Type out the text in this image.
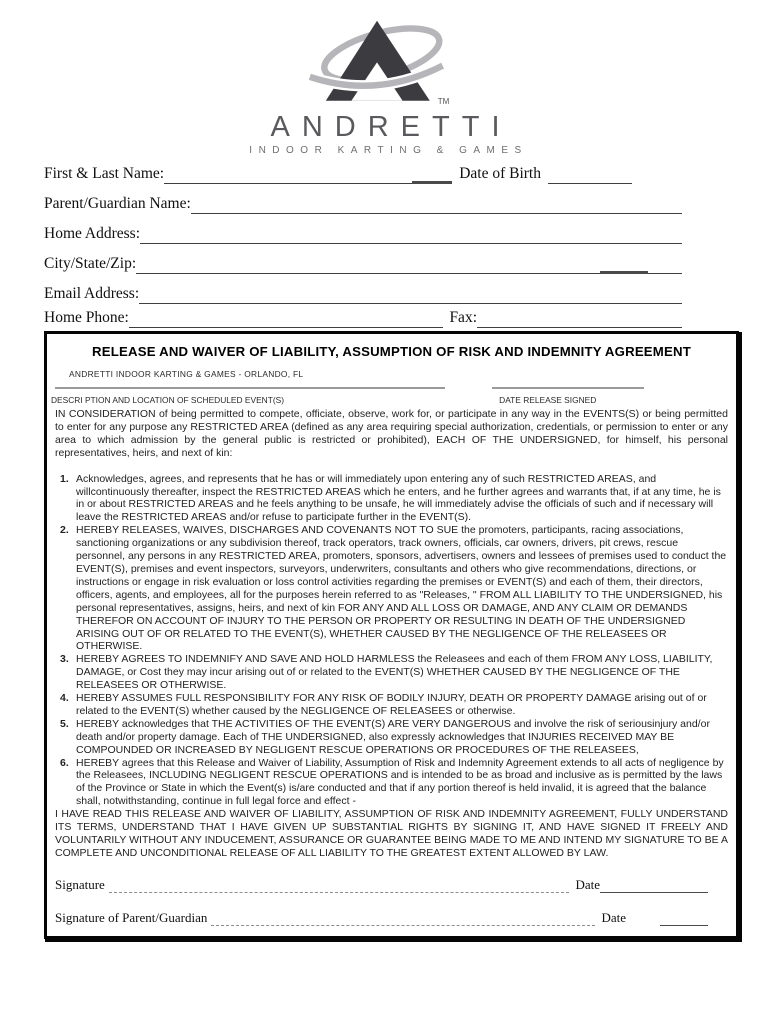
TM
ANDRETTI
INDOOR KARTING & GAMES
First & Last Name:	Date of Birth
Parent/Guardian Name:
Home Address:
City/State/Zip:
Email Address:
Home Phone:	Fax:
RELEASE AND WAIVER OF LIABILITY, ASSUMPTION OF RISK AND INDEMNITY AGREEMENT
ANDRETTI INDOOR KARTING & GAMES - ORLANDO, FL
DESCRI PTION AND LOCATION OF SCHEDULED EVENT(S)	DATE RELEASE SIGNED
IN CONSIDERATION of being permitted to compete, officiate, observe, work for, or participate in any way in the EVENTS(S) or being permitted to enter for any purpose any RESTRICTED AREA (defined as any area requiring special authorization, credentials, or permission to enter or any area to which admission by the general public is restricted or prohibited), EACH OF THE UNDERSIGNED, for himself, his personal representatives, heirs, and next of kin:
1. Acknowledges, agrees, and represents that he has or will immediately upon entering any of such RESTRICTED AREAS, and willcontinuously thereafter, inspect the RESTRICTED AREAS which he enters, and he further agrees and warrants that, if at any time, he is in or about RESTRICTED AREAS and he feels anything to be unsafe, he will immediately advise the officials of such and if necessary will leave the RESTRICTED AREAS and/or refuse to participate further in the EVENT(S).
2. HEREBY RELEASES, WAIVES, DISCHARGES AND COVENANTS NOT TO SUE the promoters, participants, racing associations, sanctioning organizations or any subdivision thereof, track operators, track owners, officials, car owners, drivers, pit crews, rescue personnel, any persons in any RESTRICTED AREA, promoters, sponsors, advertisers, owners and lessees of premises used to conduct the EVENT(S), premises and event inspectors, surveyors, underwriters, consultants and others who give recommendations, directions, or instructions or engage in risk evaluation or loss control activities regarding the premises or EVENT(S) and each of them, their directors, officers, agents, and employees, all for the purposes herein referred to as "Releases, " FROM ALL LIABILITY TO THE UNDERSIGNED, his personal representatives, assigns, heirs, and next of kin FOR ANY AND ALL LOSS OR DAMAGE, AND ANY CLAIM OR DEMANDS THEREFOR ON ACCOUNT OF INJURY TO THE PERSON OR PROPERTY OR RESULTING IN DEATH OF THE UNDERSIGNED ARISING OUT OF OR RELATED TO THE EVENT(S), WHETHER CAUSED BY THE NEGLIGENCE OF THE RELEASEES OR OTHERWISE.
3. HEREBY AGREES TO INDEMNIFY AND SAVE AND HOLD HARMLESS the Releasees and each of them FROM ANY LOSS, LIABILITY, DAMAGE, or Cost they may incur arising out of or related to the EVENT(S) WHETHER CAUSED BY THE NEGLIGENCE OF THE RELEASEES OR OTHERWISE.
4. HEREBY ASSUMES FULL RESPONSIBILITY FOR ANY RISK OF BODILY INJURY, DEATH OR PROPERTY DAMAGE arising out of or related to the EVENT(S) whether caused by the NEGLIGENCE OF RELEASEES or otherwise.
5. HEREBY acknowledges that THE ACTIVITIES OF THE EVENT(S) ARE VERY DANGEROUS and involve the risk of seriousinjury and/or death and/or property damage. Each of THE UNDERSIGNED, also expressly acknowledges that INJURIES RECEIVED MAY BE COMPOUNDED OR INCREASED BY NEGLIGENT RESCUE OPERATIONS OR PROCEDURES OF THE RELEASEES,
6. HEREBY agrees that this Release and Waiver of Liability, Assumption of Risk and Indemnity Agreement extends to all acts of negligence by the Releasees, INCLUDING NEGLIGENT RESCUE OPERATIONS and is intended to be as broad and inclusive as is permitted by the laws of the Province or State in which the Event(s) is/are conducted and that if any portion thereof is held invalid, it is agreed that the balance shall, notwithstanding, continue in full legal force and effect -
I HAVE READ THIS RELEASE AND WAIVER OF LIABILITY, ASSUMPTION OF RISK AND INDEMNITY AGREEMENT, FULLY UNDERSTAND ITS TERMS, UNDERSTAND THAT I HAVE GIVEN UP SUBSTANTIAL RIGHTS BY SIGNING IT, AND HAVE SIGNED IT FREELY AND VOLUNTARILY WITHOUT ANY INDUCEMENT, ASSURANCE OR GUARANTEE BEING MADE TO ME AND INTEND MY SIGNATURE TO BE A COMPLETE AND UNCONDITIONAL RELEASE OF ALL LIABILITY TO THE GREATEST EXTENT ALLOWED BY LAW.
Signature	Date
Signature of Parent/Guardian	Date
